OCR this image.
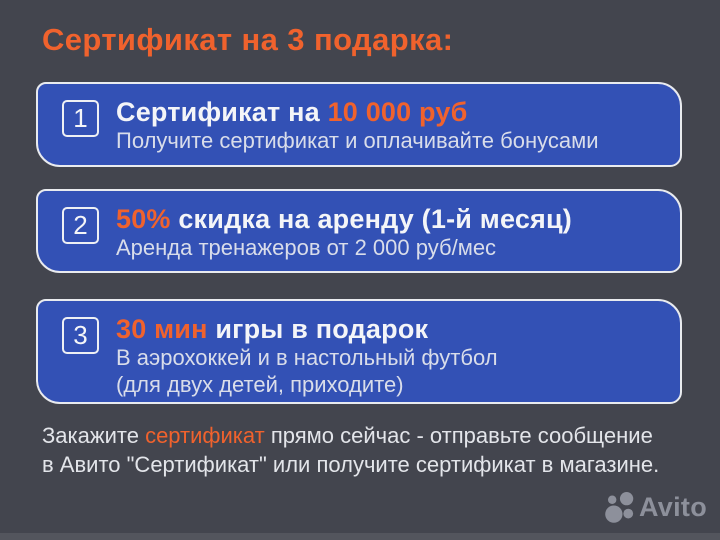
Сертификат на 3 подарка:
1 Сертификат на 10 000 руб
Получите сертификат и оплачивайте бонусами
2 50% скидка на аренду (1-й месяц)
Аренда тренажеров от 2 000 руб/мес
3 30 мин игры в подарок
В аэрохоккей и в настольный футбол
(для двух детей, приходите)
Закажите сертификат прямо сейчас - отправьте сообщение
в Авито "Сертификат" или получите сертификат в магазине.
Avito
